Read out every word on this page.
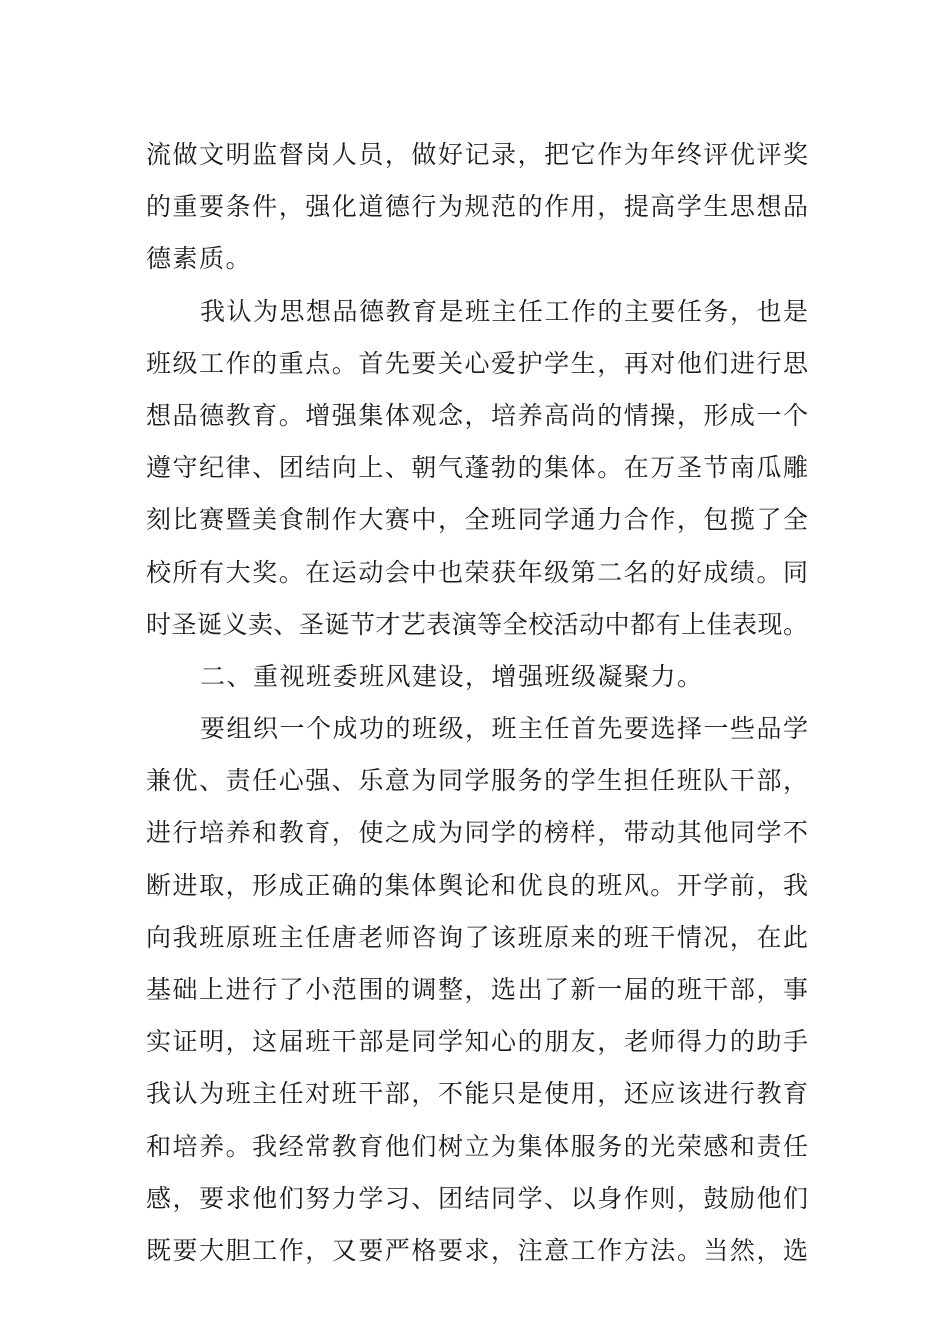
流做文明监督岗人员，做好记录，把它作为年终评优评奖
的重要条件，强化道德行为规范的作用，提高学生思想品
德素质。
我认为思想品德教育是班主任工作的主要任务，也是
班级工作的重点。首先要关心爱护学生，再对他们进行思
想品德教育。增强集体观念，培养高尚的情操，形成一个
遵守纪律、团结向上、朝气蓬勃的集体。在万圣节南瓜雕
刻比赛暨美食制作大赛中，全班同学通力合作，包揽了全
校所有大奖。在运动会中也荣获年级第二名的好成绩。同
时圣诞义卖、圣诞节才艺表演等全校活动中都有上佳表现。
二、重视班委班风建设，增强班级凝聚力。
要组织一个成功的班级，班主任首先要选择一些品学
兼优、责任心强、乐意为同学服务的学生担任班队干部，
进行培养和教育，使之成为同学的榜样，带动其他同学不
断进取，形成正确的集体舆论和优良的班风。开学前，我
向我班原班主任唐老师咨询了该班原来的班干情况，在此
基础上进行了小范围的调整，选出了新一届的班干部，事
实证明，这届班干部是同学知心的朋友，老师得力的助手
我认为班主任对班干部，不能只是使用，还应该进行教育
和培养。我经常教育他们树立为集体服务的光荣感和责任
感，要求他们努力学习、团结同学、以身作则，鼓励他们
既要大胆工作，又要严格要求，注意工作方法。当然，选
